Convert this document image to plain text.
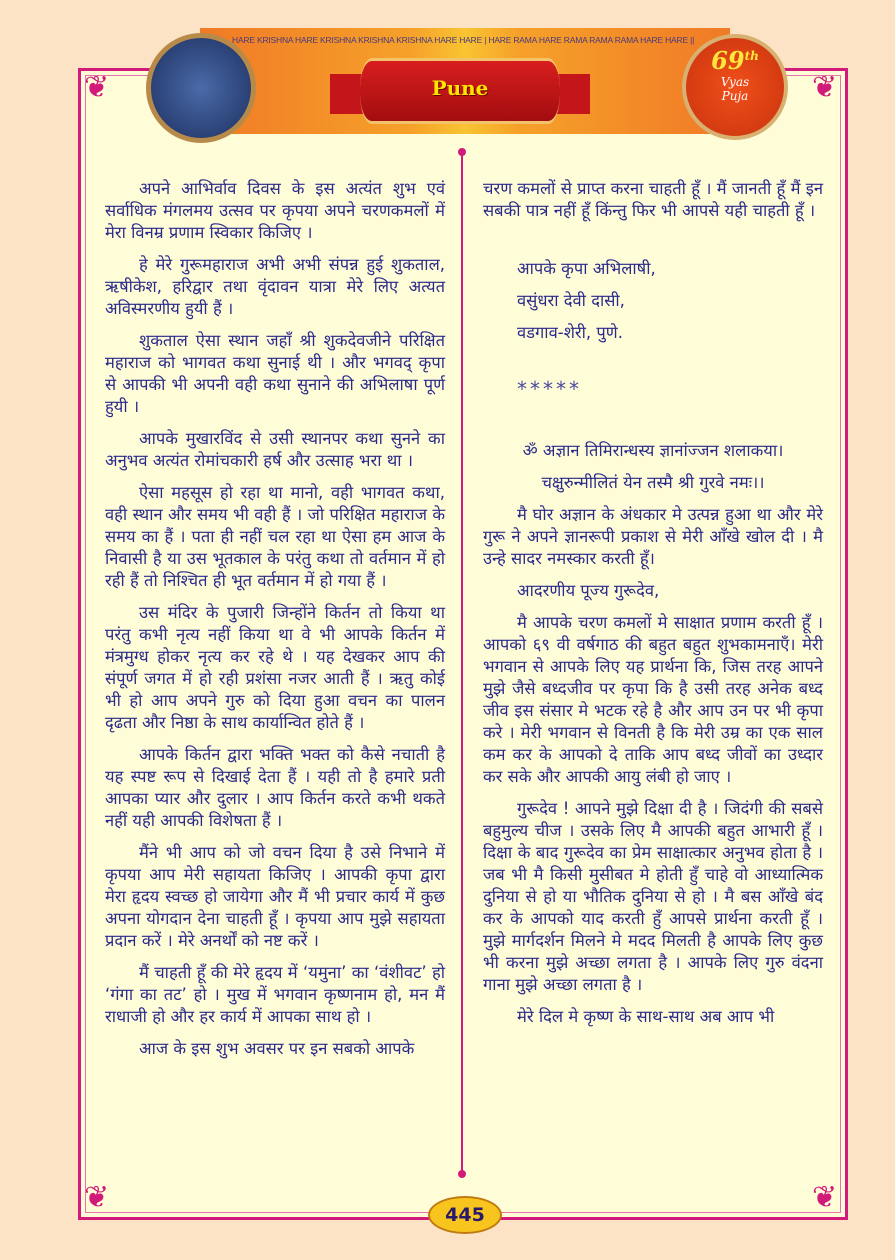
❦	❦
❦	❦
HARE KRISHNA HARE KRISHNA KRISHNA KRISHNA HARE HARE | HARE RAMA HARE RAMA RAMA RAMA HARE HARE ||
Pune
69th
Vyas
Puja

अपने आभिर्वाव दिवस के इस अत्यंत शुभ एवं सर्वाधिक मंगलमय उत्सव पर कृपया अपने चरणकमलों में मेरा विनम्र प्रणाम स्विकार किजिए ।

हे मेरे गुरूमहाराज अभी अभी संपन्न हुई शुकताल, ऋषीकेश, हरिद्वार तथा वृंदावन यात्रा मेरे लिए अत्यत अविस्मरणीय हुयी हैं ।

शुकताल ऐसा स्थान जहाँ श्री शुकदेवजीने परिक्षित महाराज को भागवत कथा सुनाई थी । और भगवद् कृपा से आपकी भी अपनी वही कथा सुनाने की अभिलाषा पूर्ण हुयी ।

आपके मुखारविंद से उसी स्थानपर कथा सुनने का अनुभव अत्यंत रोमांचकारी हर्ष और उत्साह भरा था ।

ऐसा महसूस हो रहा था मानो, वही भागवत कथा, वही स्थान और समय भी वही हैं । जो परिक्षित महाराज के समय का हैं । पता ही नहीं चल रहा था ऐसा हम आज के निवासी है या उस भूतकाल के परंतु कथा तो वर्तमान में हो रही हैं तो निश्चित ही भूत वर्तमान में हो गया हैं ।

उस मंदिर के पुजारी जिन्होंने किर्तन तो किया था परंतु कभी नृत्य नहीं किया था वे भी आपके किर्तन में मंत्रमुग्ध होकर नृत्य कर रहे थे । यह देखकर आप की संपूर्ण जगत में हो रही प्रशंसा नजर आती हैं । ऋतु कोई भी हो आप अपने गुरु को दिया हुआ वचन का पालन दृढता और निष्ठा के साथ कार्यान्वित होते हैं ।

आपके किर्तन द्वारा भक्ति भक्त को कैसे नचाती है यह स्पष्ट रूप से दिखाई देता हैं । यही तो है हमारे प्रती आपका प्यार और दुलार । आप किर्तन करते कभी थकते नहीं यही आपकी विशेषता हैं ।

मैंने भी आप को जो वचन दिया है उसे निभाने में कृपया आप मेरी सहायता किजिए । आपकी कृपा द्वारा मेरा हृदय स्वच्छ हो जायेगा और मैं भी प्रचार कार्य में कुछ अपना योगदान देना चाहती हूँ । कृपया आप मुझे सहायता प्रदान करें । मेरे अनर्थों को नष्ट करें ।

मैं चाहती हूँ की मेरे हृदय में ‘यमुना’ का ‘वंशीवट’ हो ‘गंगा का तट’ हो । मुख में भगवान कृष्णनाम हो, मन मैं राधाजी हो और हर कार्य में आपका साथ हो ।

आज के इस शुभ अवसर पर इन सबको आपके

चरण कमलों से प्राप्त करना चाहती हूँ । मैं जानती हूँ मैं इन सबकी पात्र नहीं हूँ किंन्तु फिर भी आपसे यही चाहती हूँ ।

आपके कृपा अभिलाषी,
वसुंधरा देवी दासी,
वडगाव-शेरी, पुणे.
*****

ॐ अज्ञान तिमिरान्धस्य ज्ञानांज्जन शलाकया।

चक्षुरुन्मीलितं येन तस्मै श्री गुरवे नमः।।

मै घोर अज्ञान के अंधकार मे उत्पन्न हुआ था और मेरे गुरू ने अपने ज्ञानरूपी प्रकाश से मेरी आँखे खोल दी । मै उन्हे सादर नमस्कार करती हूँ।

आदरणीय पूज्य गुरूदेव,

मै आपके चरण कमलों मे साक्षात प्रणाम करती हूँ । आपको ६९ वी वर्षगाठ की बहुत बहुत शुभकामनाएँ। मेरी भगवान से आपके लिए यह प्रार्थना कि, जिस तरह आपने मुझे जैसे बध्दजीव पर कृपा कि है उसी तरह अनेक बध्द जीव इस संसार मे भटक रहे है और आप उन पर भी कृपा करे । मेरी भगवान से विनती है कि मेरी उम्र का एक साल कम कर के आपको दे ताकि आप बध्द जीवों का उध्दार कर सके और आपकी आयु लंबी हो जाए ।

गुरूदेव ! आपने मुझे दिक्षा दी है । जिदंगी की सबसे बहुमुल्य चीज । उसके लिए मै आपकी बहुत आभारी हूँ । दिक्षा के बाद गुरूदेव का प्रेम साक्षात्कार अनुभव होता है । जब भी मै किसी मुसीबत मे होती हुँ चाहे वो आध्यात्मिक दुनिया से हो या भौतिक दुनिया से हो । मै बस आँखे बंद कर के आपको याद करती हुँ आपसे प्रार्थना करती हूँ । मुझे मार्गदर्शन मिलने मे मदद मिलती है आपके लिए कुछ भी करना मुझे अच्छा लगता है । आपके लिए गुरु वंदना गाना मुझे अच्छा लगता है ।

मेरे दिल मे कृष्ण के साथ-साथ अब आप भी

445
